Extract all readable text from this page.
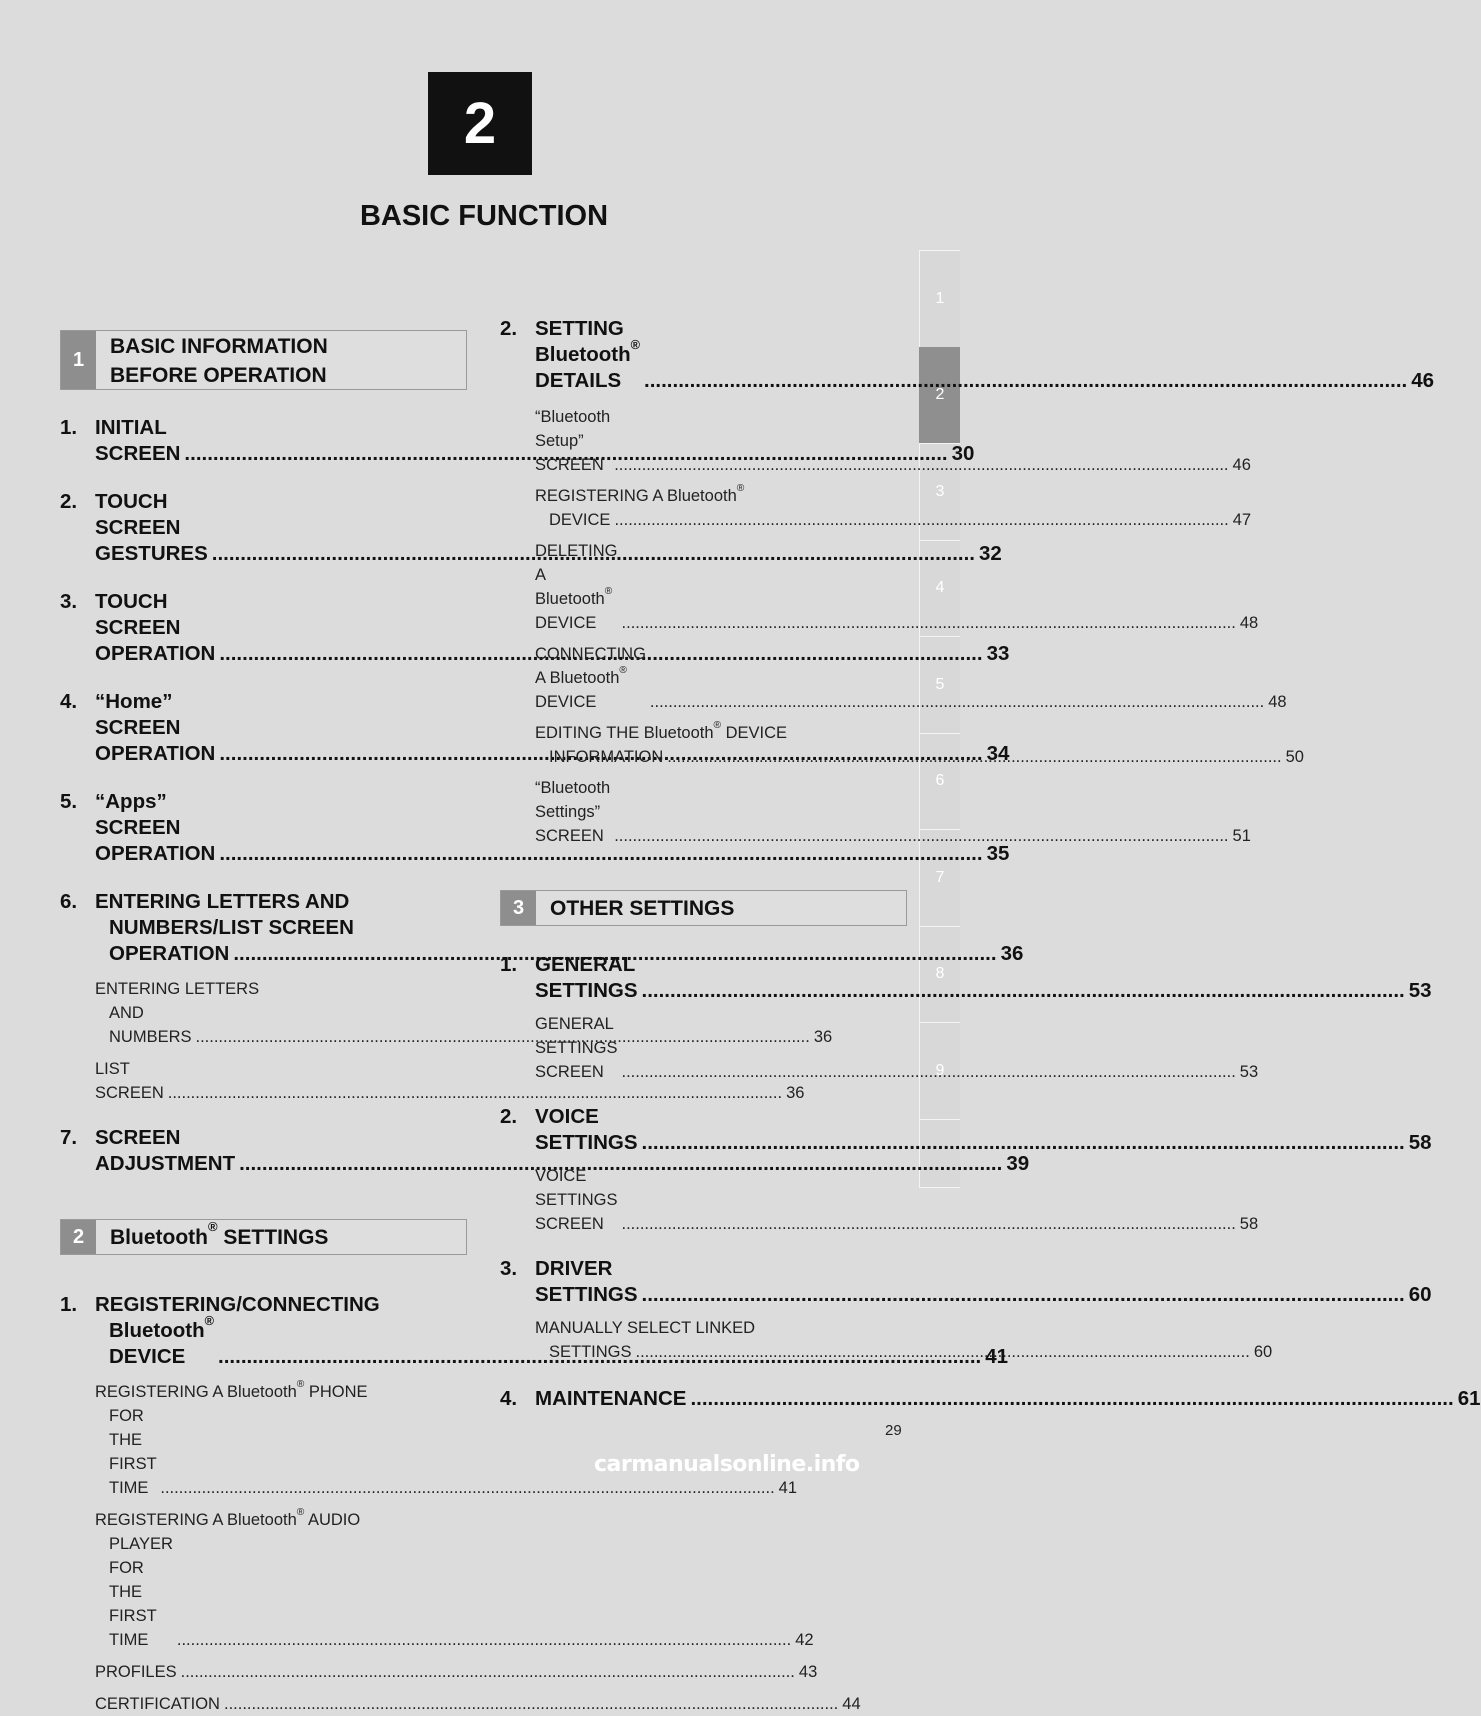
2
BASIC FUNCTION
1
2
3
4
5
6
7
8
9
1
BASIC INFORMATION
BEFORE OPERATION
1. INITIAL SCREEN .....	30
2. TOUCH SCREEN GESTURES .....	32
3. TOUCH SCREEN OPERATION .....	33
4. “Home” SCREEN OPERATION .....	34
5. “Apps” SCREEN OPERATION .....	35
6. ENTERING LETTERS AND
NUMBERS/LIST SCREEN
OPERATION .....	36
ENTERING LETTERS
AND NUMBERS .....	36
LIST SCREEN .....	36
7. SCREEN ADJUSTMENT .....	39
2	Bluetooth® SETTINGS
1. REGISTERING/CONNECTING
Bluetooth® DEVICE .....	41
REGISTERING A Bluetooth® PHONE
FOR THE FIRST TIME .....	41
REGISTERING A Bluetooth® AUDIO
PLAYER FOR THE FIRST TIME .....	42
PROFILES .....	43
CERTIFICATION .....	44
2. SETTING Bluetooth® DETAILS .....	46
“Bluetooth Setup” SCREEN .....	46
REGISTERING A Bluetooth®
DEVICE .....	47
DELETING A Bluetooth® DEVICE .....	48
CONNECTING A Bluetooth® DEVICE .....	48
EDITING THE Bluetooth® DEVICE
INFORMATION .....	50
“Bluetooth Settings” SCREEN .....	51
3	OTHER SETTINGS
1. GENERAL SETTINGS .....	53
GENERAL SETTINGS SCREEN .....	53
2. VOICE SETTINGS .....	58
VOICE SETTINGS SCREEN .....	58
3. DRIVER SETTINGS .....	60
MANUALLY SELECT LINKED
SETTINGS .....	60
4. MAINTENANCE .....	61
29
carmanualsonline.info
